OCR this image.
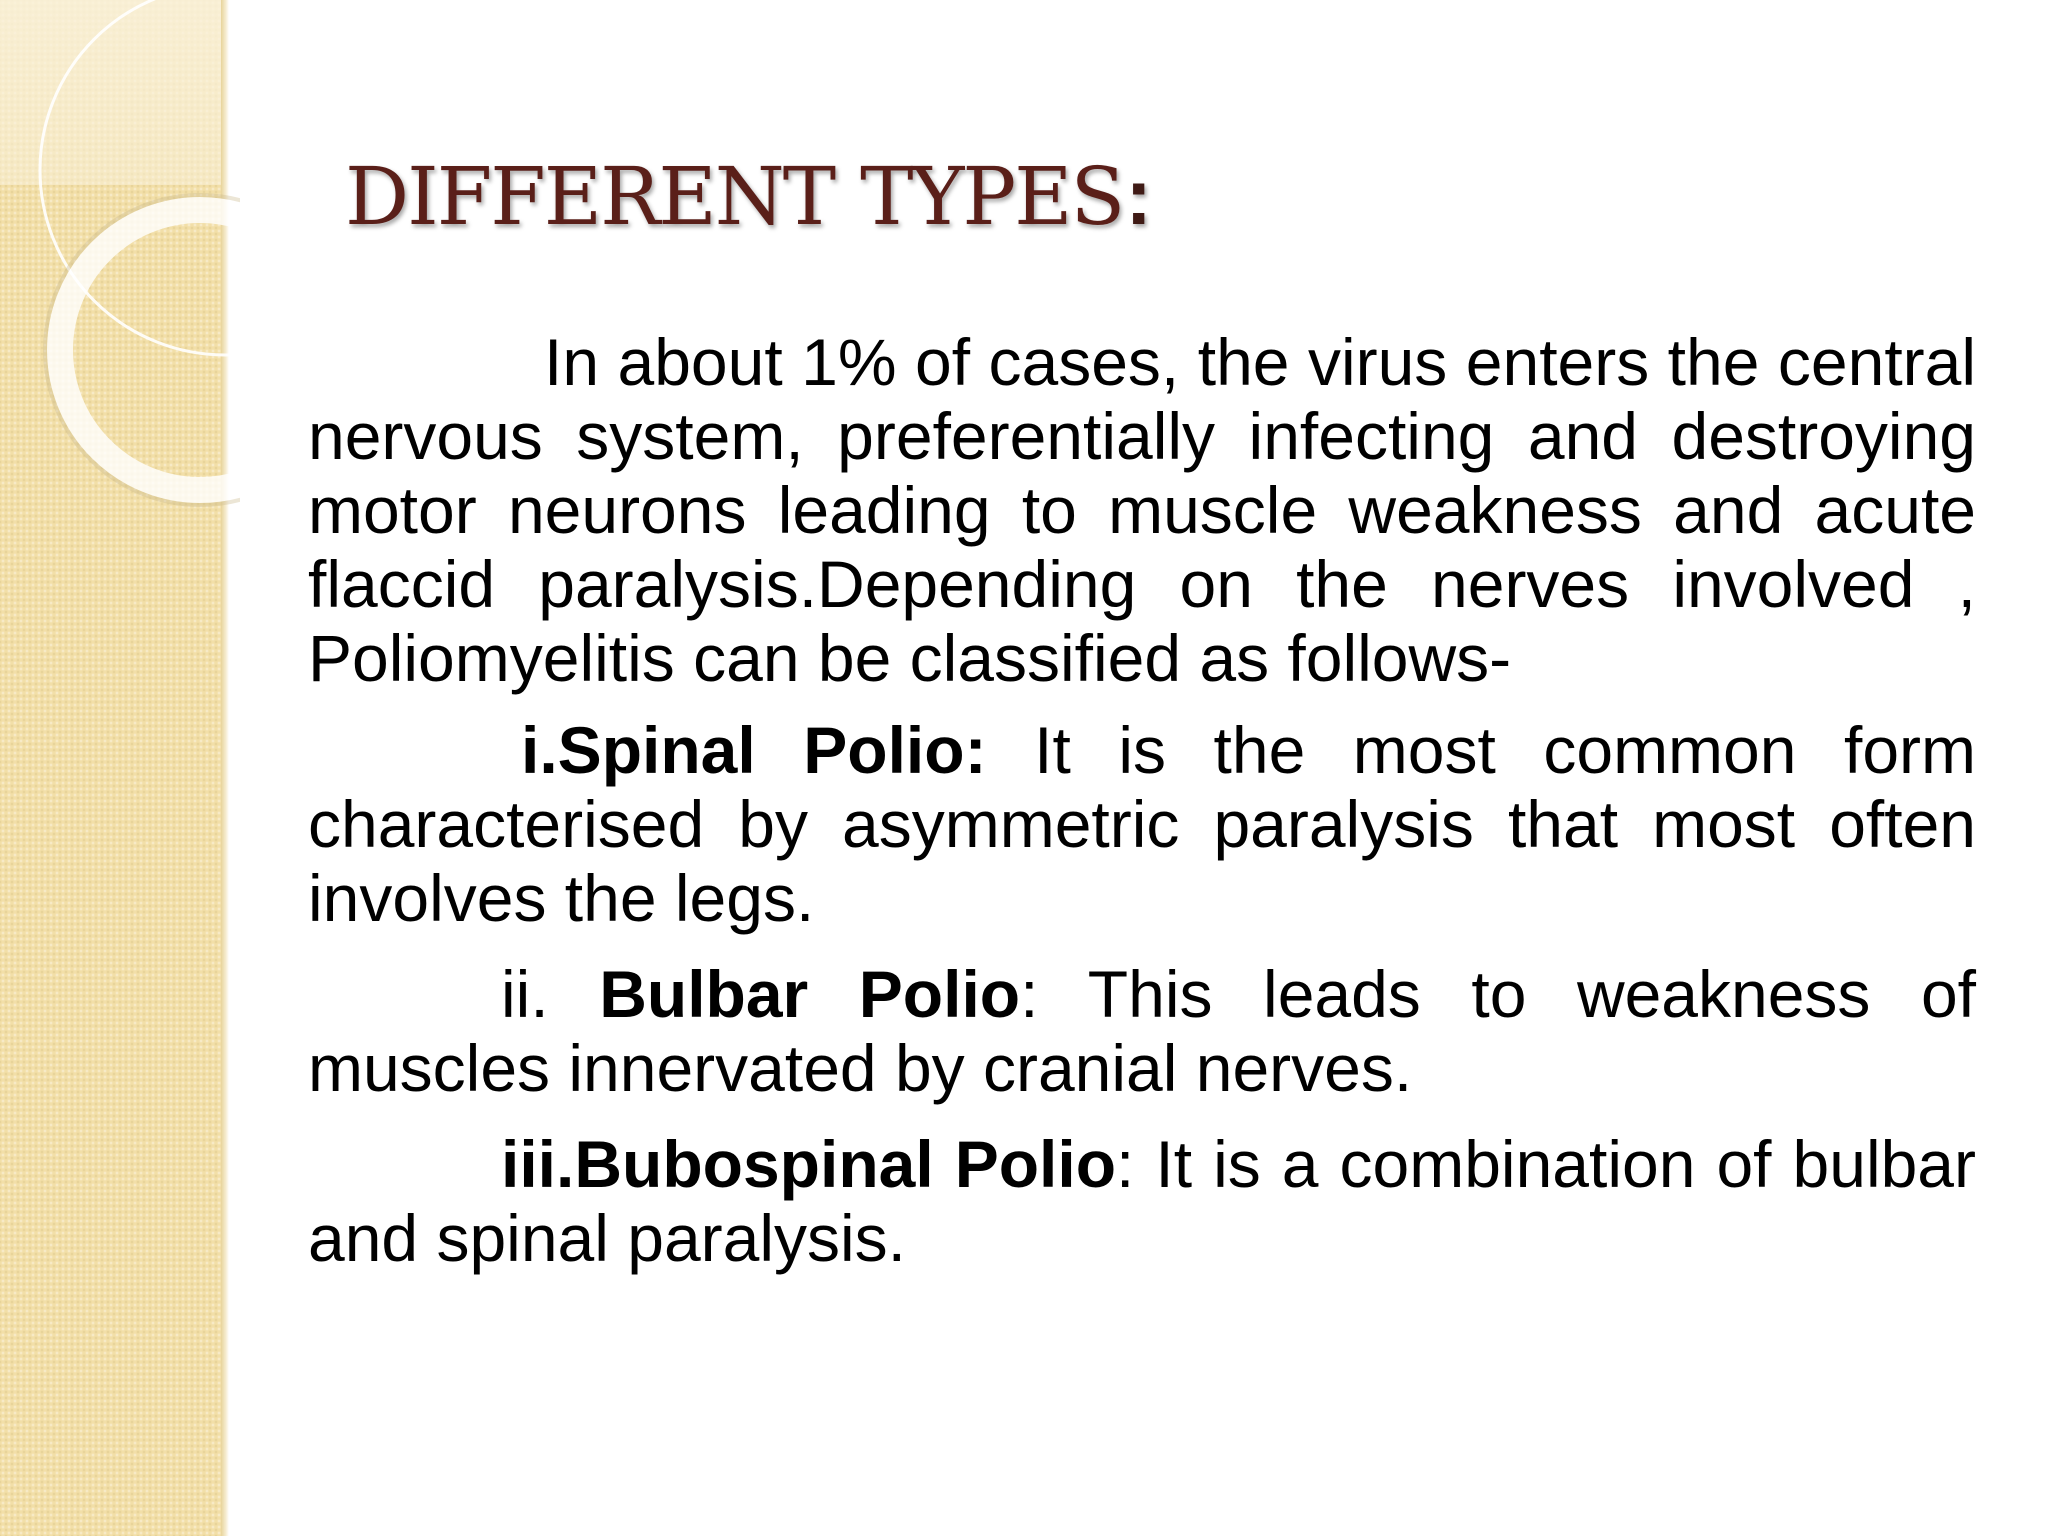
DIFFERENT TYPES:

In about 1% of cases, the virus enters the central nervous system, preferentially infecting and destroying motor neurons leading to muscle weakness and acute flaccid paralysis.Depending on the nerves involved , Poliomyelitis can be classified as follows-

i.Spinal Polio: It is the most common form characterised by asymmetric paralysis that most often involves the legs.

ii. Bulbar Polio: This leads to weakness of muscles innervated by cranial nerves.

iii.Bubospinal Polio: It is a combination of bulbar and spinal paralysis.
